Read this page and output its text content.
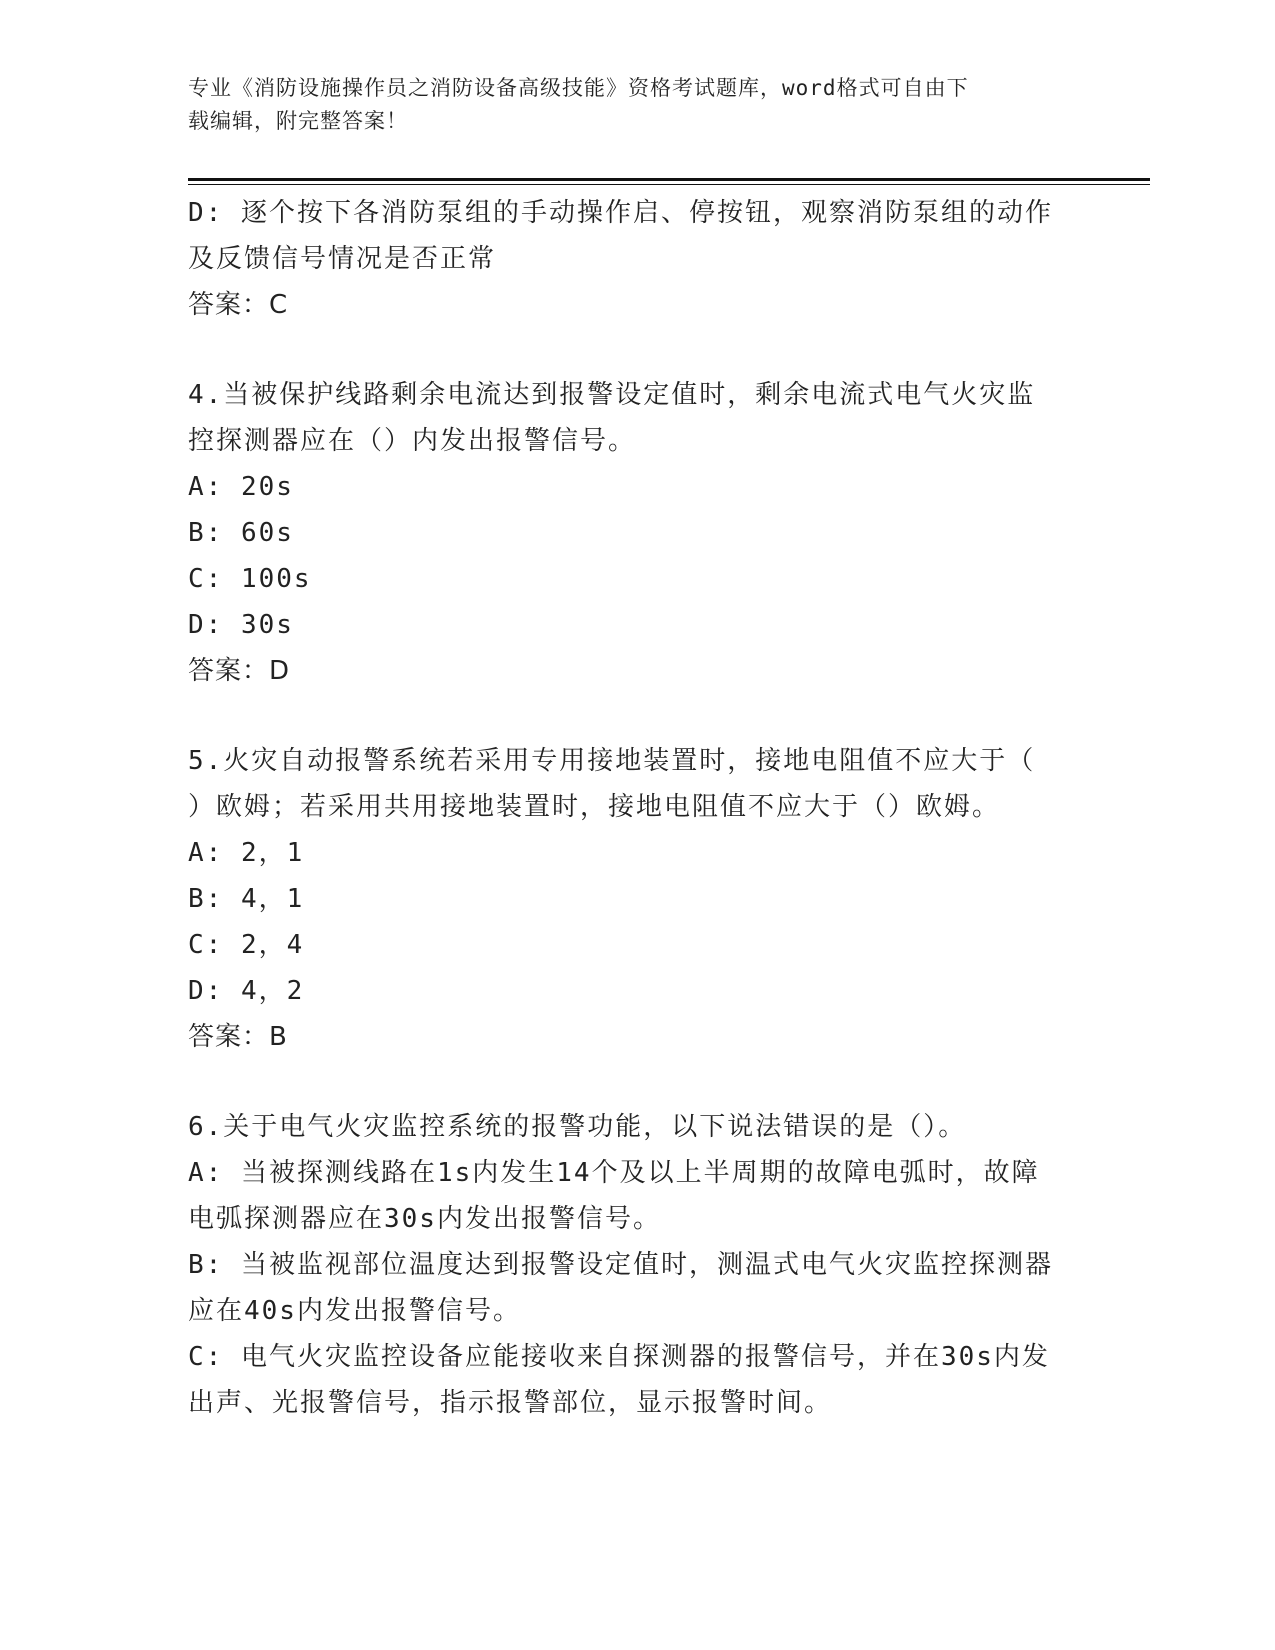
专业《消防设施操作员之消防设备高级技能》资格考试题库，word格式可自由下
载编辑，附完整答案！
D: 逐个按下各消防泵组的手动操作启、停按钮，观察消防泵组的动作
及反馈信号情况是否正常
答案：C
4.当被保护线路剩余电流达到报警设定值时，剩余电流式电气火灾监
控探测器应在（）内发出报警信号。
A: 20s
B: 60s
C: 100s
D: 30s
答案：D
5.火灾自动报警系统若采用专用接地装置时，接地电阻值不应大于（
）欧姆；若采用共用接地装置时，接地电阻值不应大于（）欧姆。
A: 2，1
B: 4，1
C: 2，4
D: 4，2
答案：B
6.关于电气火灾监控系统的报警功能，以下说法错误的是（）。
A: 当被探测线路在1s内发生14个及以上半周期的故障电弧时，故障
电弧探测器应在30s内发出报警信号。
B: 当被监视部位温度达到报警设定值时，测温式电气火灾监控探测器
应在40s内发出报警信号。
C: 电气火灾监控设备应能接收来自探测器的报警信号，并在30s内发
出声、光报警信号，指示报警部位，显示报警时间。
